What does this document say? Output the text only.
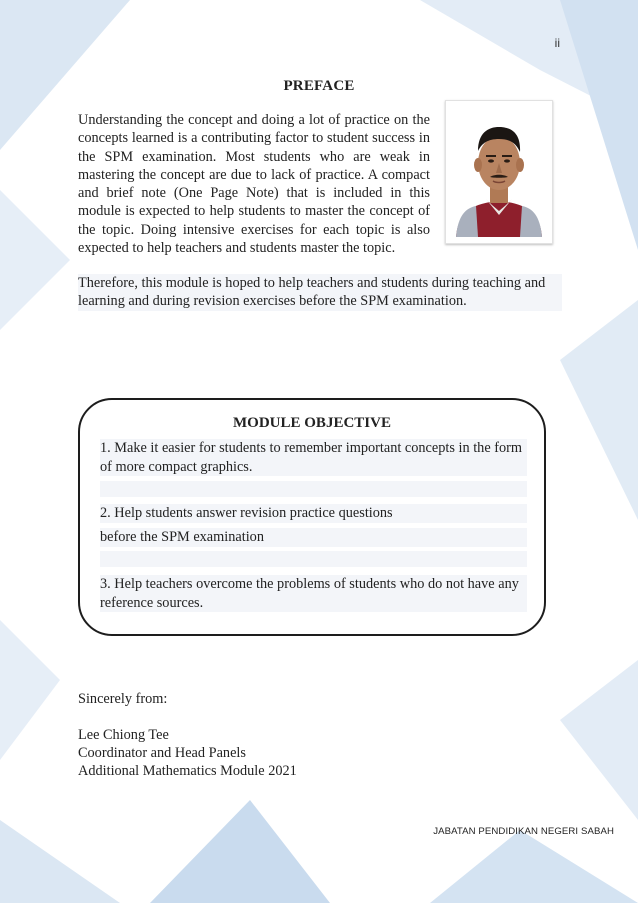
ii
PREFACE
Understanding the concept and doing a lot of practice on the concepts learned is a contributing factor to student success in the SPM examination. Most students who are weak in mastering the concept are due to lack of practice. A compact and brief note (One Page Note) that is included in this module is expected to help students to master the concept of the topic. Doing intensive exercises for each topic is also expected to help teachers and students master the topic.
Therefore, this module is hoped to help teachers and students during teaching and learning and during revision exercises before the SPM examination.
MODULE OBJECTIVE
1. Make it easier for students to remember important concepts in the form of more compact graphics.
2. Help students answer revision practice questions
before the SPM examination
3. Help teachers overcome the problems of students who do not have any reference sources.
Sincerely from:
Lee Chiong Tee
Coordinator and Head Panels
Additional Mathematics Module 2021
JABATAN PENDIDIKAN NEGERI SABAH
